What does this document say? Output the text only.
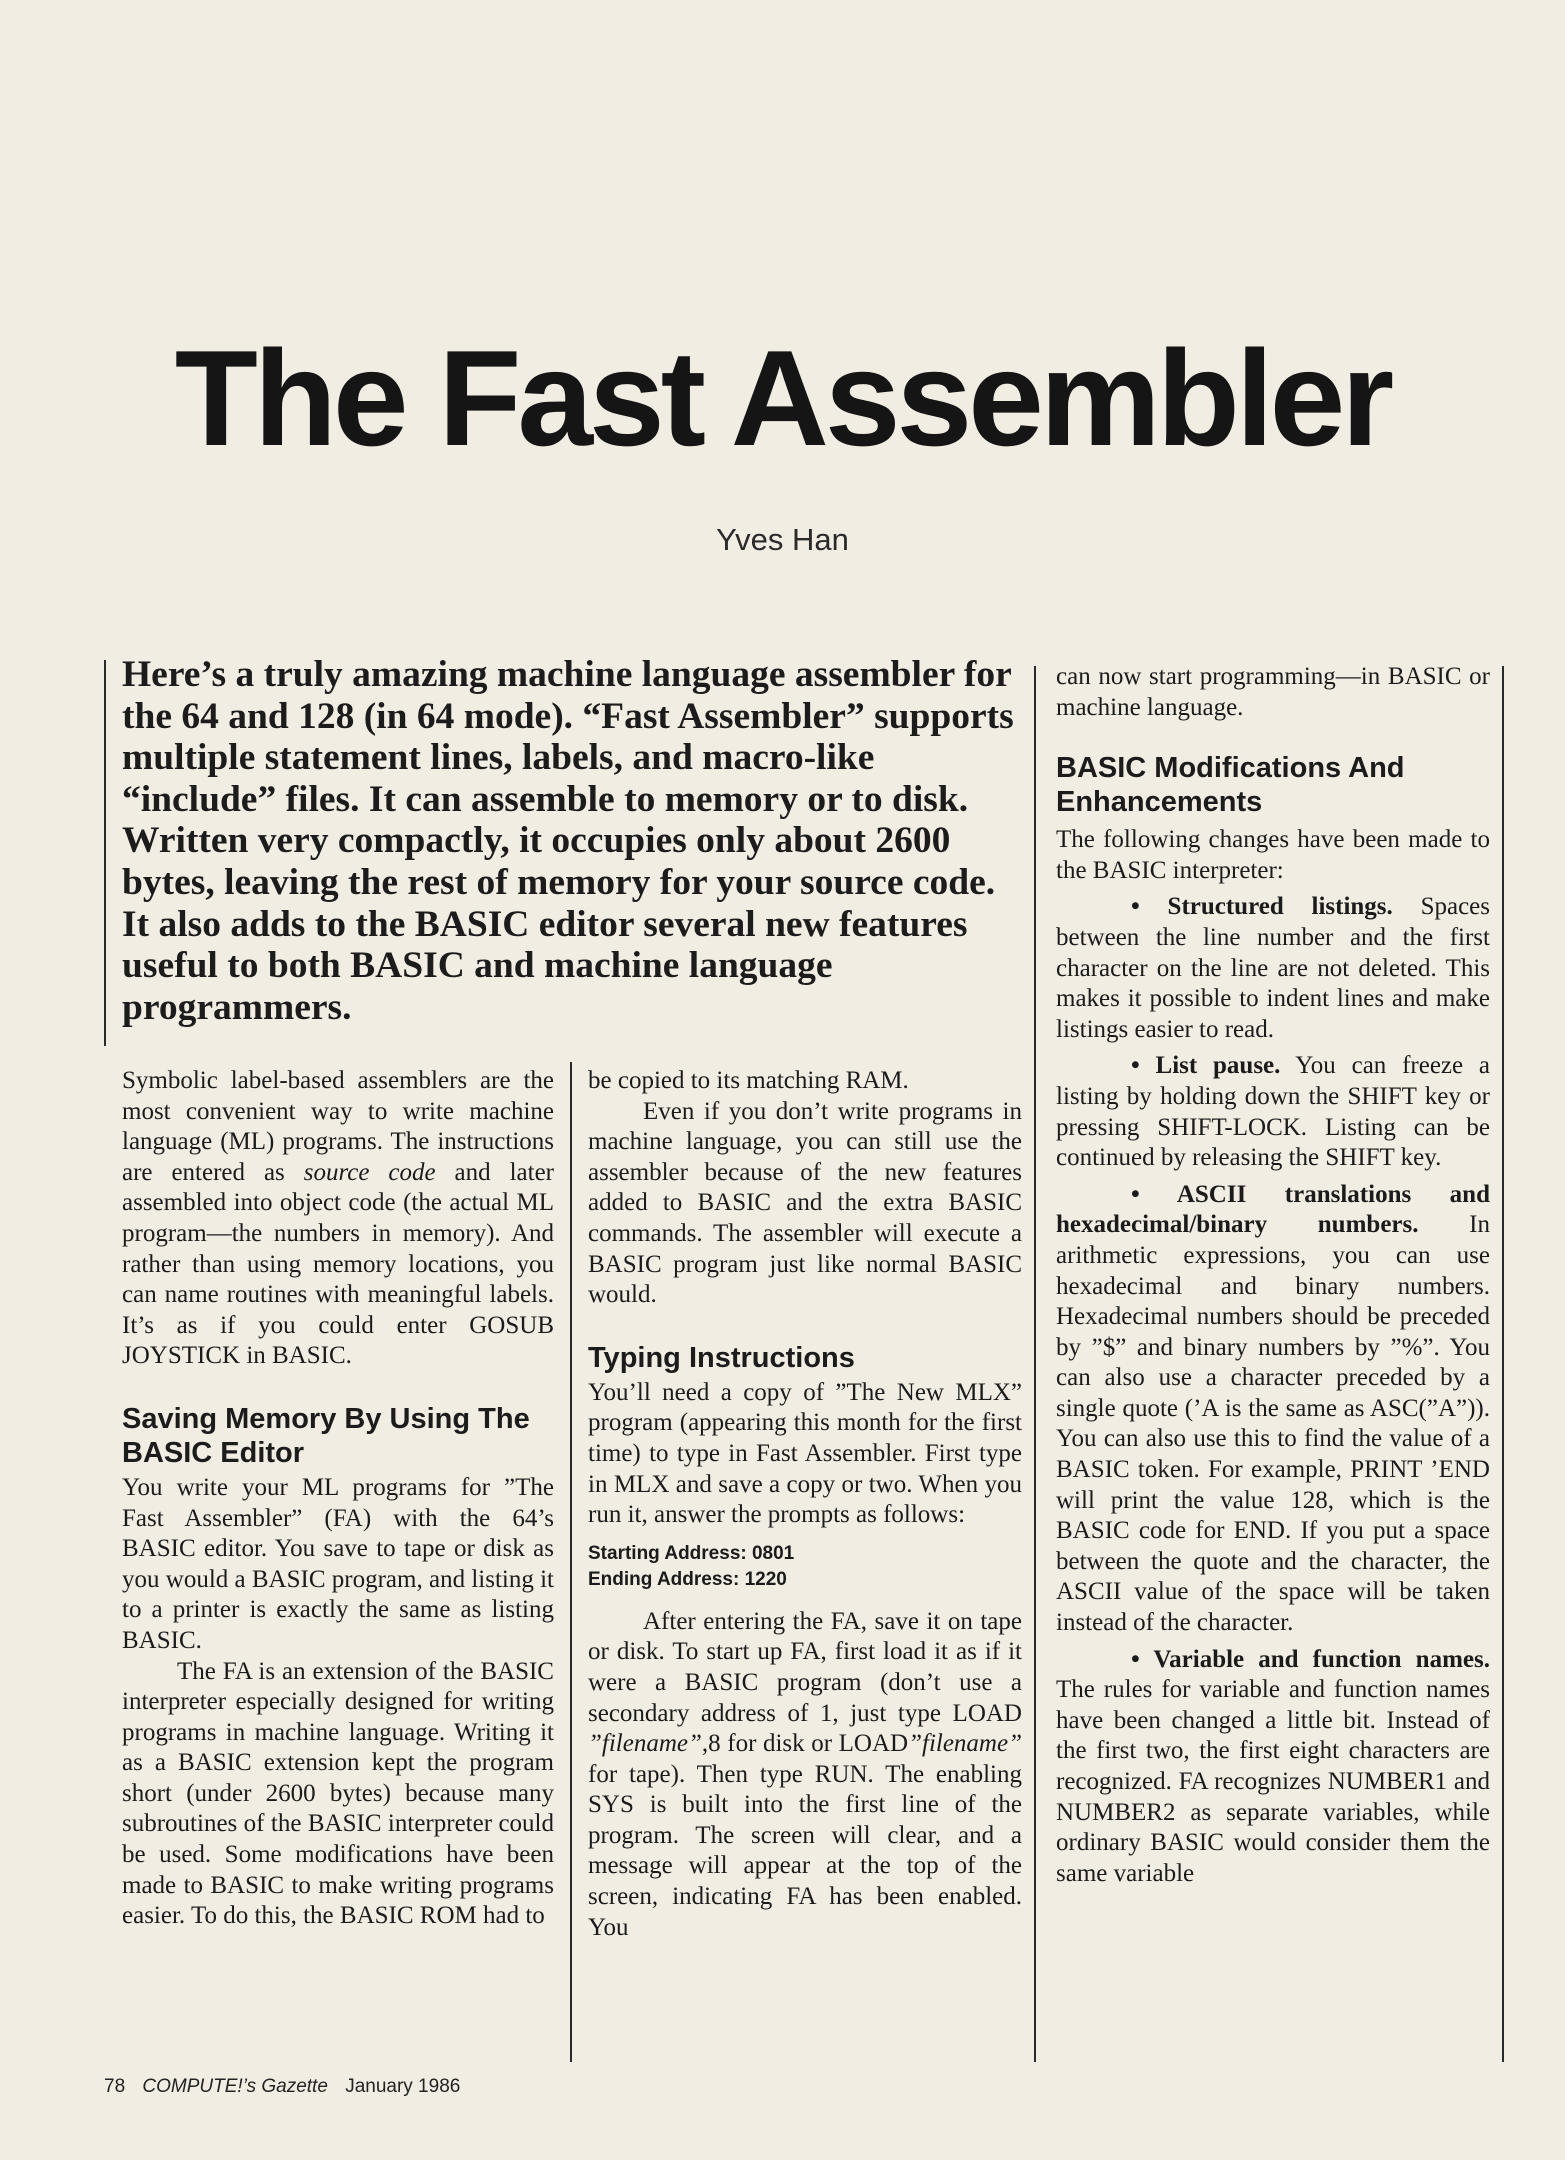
The Fast Assembler
Yves Han
Here’s a truly amazing machine language assembler for the 64 and 128 (in 64 mode). “Fast Assembler” supports multiple statement lines, labels, and macro-like “include” files. It can assemble to memory or to disk. Written very compactly, it occupies only about 2600 bytes, leaving the rest of memory for your source code. It also adds to the BASIC editor several new features useful to both BASIC and machine language programmers.

Symbolic label-based assemblers are the most convenient way to write machine language (ML) programs. The instructions are entered as source code and later assembled into object code (the actual ML program—the numbers in memory). And rather than using memory locations, you can name routines with meaningful labels. It’s as if you could enter GOSUB JOYSTICK in BASIC.

Saving Memory By Using The BASIC Editor

You write your ML programs for ”The Fast Assembler” (FA) with the 64’s BASIC editor. You save to tape or disk as you would a BASIC program, and listing it to a printer is exactly the same as listing BASIC.

The FA is an extension of the BASIC interpreter especially designed for writing programs in machine language. Writing it as a BASIC extension kept the program short (under 2600 bytes) because many subroutines of the BASIC interpreter could be used. Some modifications have been made to BASIC to make writing programs easier. To do this, the BASIC ROM had to

be copied to its matching RAM.

Even if you don’t write programs in machine language, you can still use the assembler because of the new features added to BASIC and the extra BASIC commands. The assembler will execute a BASIC program just like normal BASIC would.

Typing Instructions

You’ll need a copy of ”The New MLX” program (appearing this month for the first time) to type in Fast Assembler. First type in MLX and save a copy or two. When you run it, answer the prompts as follows:

Starting Address: 0801
Ending Address: 1220

After entering the FA, save it on tape or disk. To start up FA, first load it as if it were a BASIC program (don’t use a secondary address of 1, just type LOAD ”filename”,8 for disk or LOAD”filename” for tape). Then type RUN. The enabling SYS is built into the first line of the program. The screen will clear, and a message will appear at the top of the screen, indicating FA has been enabled. You

can now start programming—in BASIC or machine language.

BASIC Modifications And Enhancements

The following changes have been made to the BASIC interpreter:

• Structured listings. Spaces between the line number and the first character on the line are not deleted. This makes it possible to indent lines and make listings easier to read.

• List pause. You can freeze a listing by holding down the SHIFT key or pressing SHIFT-LOCK. Listing can be continued by releasing the SHIFT key.

• ASCII translations and hexadecimal/binary numbers. In arithmetic expressions, you can use hexadecimal and binary numbers. Hexadecimal numbers should be preceded by ”$” and binary numbers by ”%”. You can also use a character preceded by a single quote (’A is the same as ASC(”A”)). You can also use this to find the value of a BASIC token. For example, PRINT ’END will print the value 128, which is the BASIC code for END. If you put a space between the quote and the character, the ASCII value of the space will be taken instead of the character.

• Variable and function names. The rules for variable and function names have been changed a little bit. Instead of the first two, the first eight characters are recognized. FA recognizes NUMBER1 and NUMBER2 as separate variables, while ordinary BASIC would consider them the same variable

78 COMPUTE!’s Gazette January 1986
